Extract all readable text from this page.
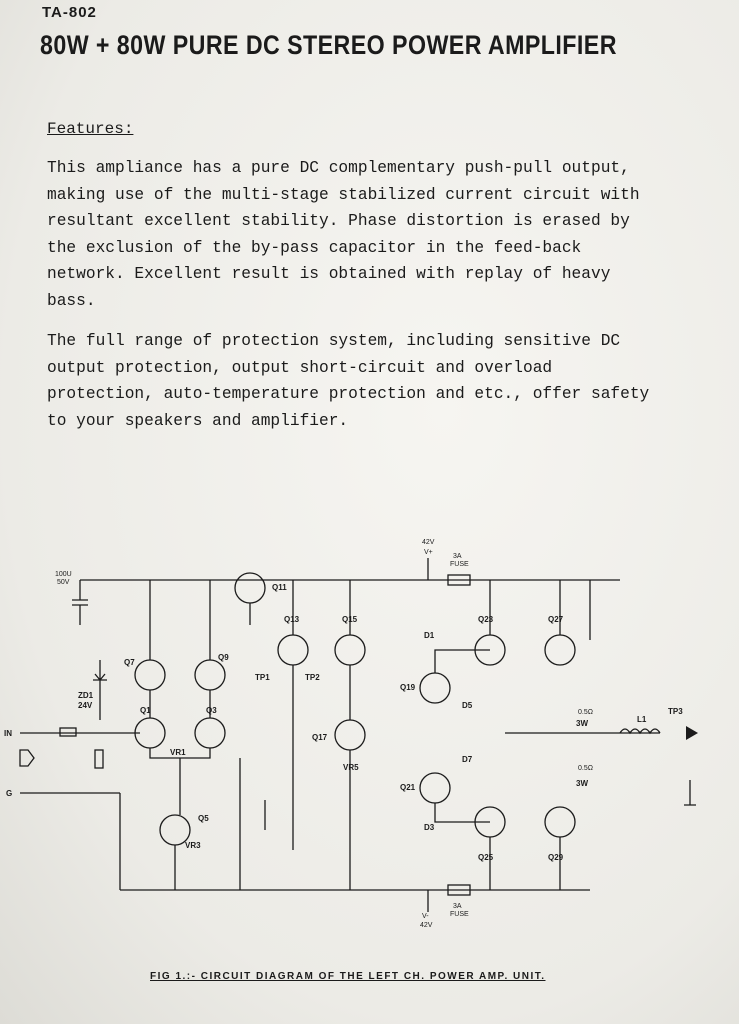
TA-802
80W + 80W PURE DC STEREO POWER AMPLIFIER
Features:

This ampliance has a pure DC complementary push-pull output, making use of the multi-stage stabilized current circuit with resultant excellent stability. Phase distortion is erased by the exclusion of the by-pass capacitor in the feed-back network. Excellent result is obtained with replay of heavy bass.

The full range of protection system, including sensitive DC output protection, output short-circuit and overload protection, auto-temperature protection and etc., offer safety to your speakers and amplifier.

42V
V+
3A
FUSE
V-
42V
3A
FUSE
IN
G
100U
50V
ZD1
24V
Q7
Q9
Q1	Q3
Q5
Q11
Q13	Q15
Q17
Q19
Q21
Q23	Q27
Q25	Q29
D1
D3
D5
D7
VR1
VR3
VR5
TP1	TP2
TP3
0.5Ω
3W
0.5Ω
3W
L1
FIG 1.:- CIRCUIT DIAGRAM OF THE LEFT CH. POWER AMP. UNIT.
